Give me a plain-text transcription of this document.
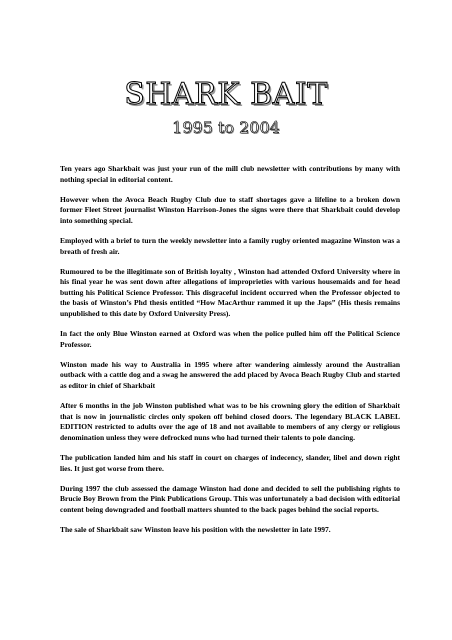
SHARK BAIT
1995 to 2004

Ten years ago Sharkbait was just your run of the mill club newsletter with contributions by many with nothing special in editorial content.

However when the Avoca Beach Rugby Club due to staff shortages gave a lifeline to a broken down former Fleet Street journalist Winston Harrison-Jones the signs were there that Sharkbait could develop into something special.

Employed with a brief to turn the weekly newsletter into a family rugby oriented magazine Winston was a breath of fresh air.

Rumoured to be the illegitimate son of British loyalty , Winston had attended Oxford University where in his final year he was sent down after allegations of improprieties with various housemaids and for head butting his Political Science Professor. This disgraceful incident occurred when the Professor objected to the basis of Winston’s Phd thesis entitled “How MacArthur rammed it up the Japs” (His thesis remains unpublished to this date by Oxford University Press).

In fact the only Blue Winston earned at Oxford was when the police pulled him off the Political Science Professor.

Winston made his way to Australia in 1995 where after wandering aimlessly around the Australian outback with a cattle dog and a swag he answered the add placed by Avoca Beach Rugby Club and started as editor in chief of Sharkbait

After 6 months in the job Winston published what was to be his crowning glory the edition of Sharkbait that is now in journalistic circles only spoken off behind closed doors. The legendary BLACK LABEL EDITION restricted to adults over the age of 18 and not available to members of any clergy or religious denomination unless they were defrocked nuns who had turned their talents to pole dancing.

The publication landed him and his staff in court on charges of indecency, slander, libel and down right lies. It just got worse from there.

During 1997 the club assessed the damage Winston had done and decided to sell the publishing rights to Brucie Boy Brown from the Pink Publications Group. This was unfortunately a bad decision with editorial content being downgraded and football matters shunted to the back pages behind the social reports.

The sale of Sharkbait saw Winston leave his position with the newsletter in late 1997.
